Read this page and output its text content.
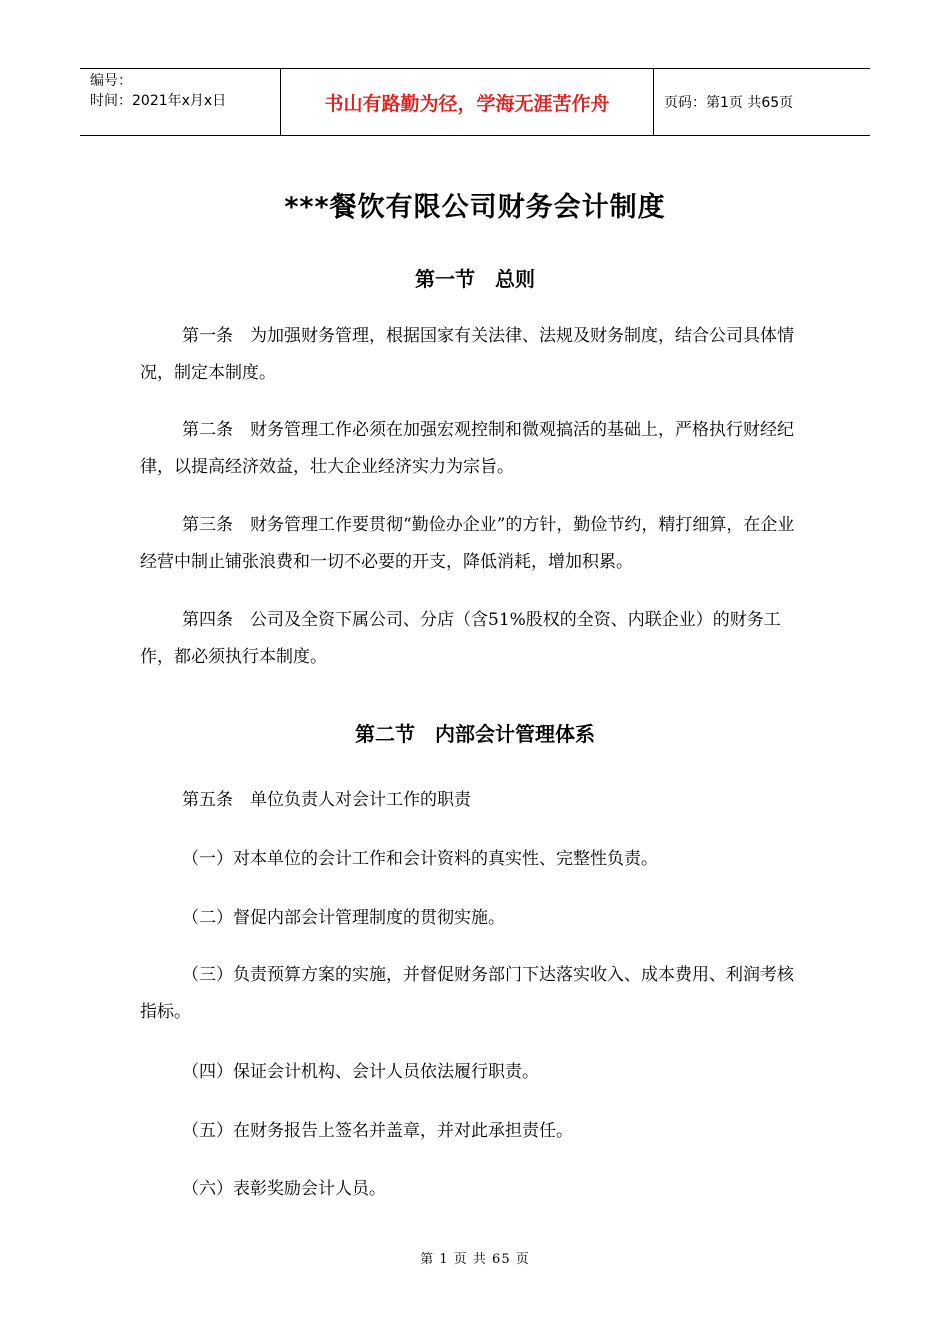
编号：
时间：2021年x月x日	书山有路勤为径，学海无涯苦作舟	页码：第1页 共65页
***餐饮有限公司财务会计制度
第一节　总则

第一条　为加强财务管理，根据国家有关法律、法规及财务制度，结合公司具体情况，制定本制度。

第二条　财务管理工作必须在加强宏观控制和微观搞活的基础上，严格执行财经纪律，以提高经济效益，壮大企业经济实力为宗旨。

第三条　财务管理工作要贯彻“勤俭办企业”的方针，勤俭节约，精打细算，在企业经营中制止铺张浪费和一切不必要的开支，降低消耗，增加积累。

第四条　公司及全资下属公司、分店（含51%股权的全资、内联企业）的财务工作，都必须执行本制度。

第二节　内部会计管理体系

第五条　单位负责人对会计工作的职责

（一）对本单位的会计工作和会计资料的真实性、完整性负责。

（二）督促内部会计管理制度的贯彻实施。

（三）负责预算方案的实施，并督促财务部门下达落实收入、成本费用、利润考核指标。

（四）保证会计机构、会计人员依法履行职责。

（五）在财务报告上签名并盖章，并对此承担责任。

（六）表彰奖励会计人员。

第 1 页 共 65 页
